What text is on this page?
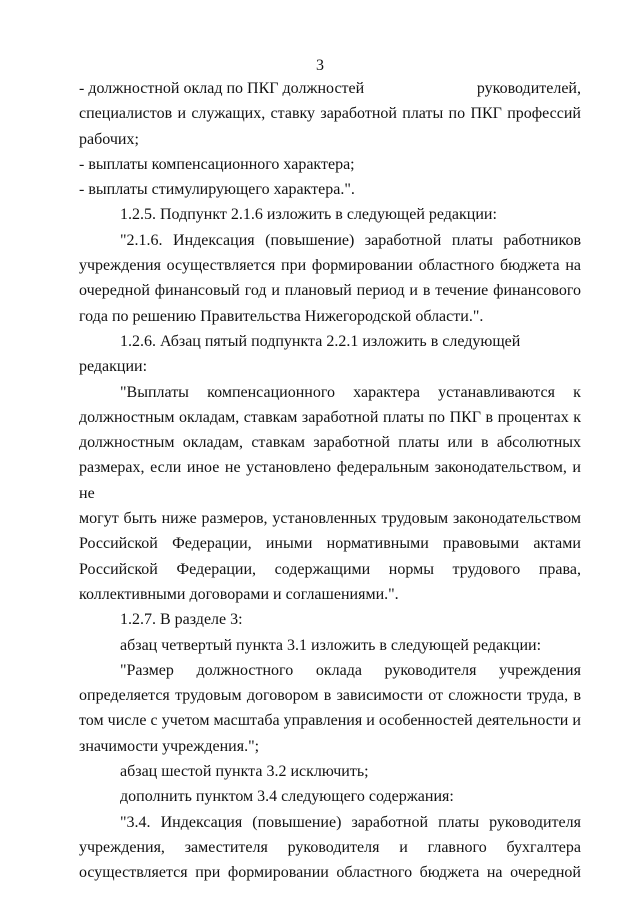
3
- должностной оклад по ПКГ должностей	руководителей,
специалистов и служащих, ставку заработной платы по ПКГ профессий
рабочих;
- выплаты компенсационного характера;
- выплаты стимулирующего характера.".
1.2.5. Подпункт 2.1.6 изложить в следующей редакции:
"2.1.6. Индексация (повышение) заработной платы работников
учреждения осуществляется при формировании областного бюджета на
очередной финансовый год и плановый период и в течение финансового
года по решению Правительства Нижегородской области.".
1.2.6. Абзац пятый подпункта 2.2.1 изложить в следующей редакции:
"Выплаты компенсационного характера устанавливаются к
должностным окладам, ставкам заработной платы по ПКГ в процентах к
должностным окладам, ставкам заработной платы или в абсолютных
размерах, если иное не установлено федеральным законодательством, и не
могут быть ниже размеров, установленных трудовым законодательством
Российской Федерации, иными нормативными правовыми актами
Российской Федерации, содержащими нормы трудового права,
коллективными договорами и соглашениями.".
1.2.7. В разделе 3:
абзац четвертый пункта 3.1 изложить в следующей редакции:
"Размер должностного оклада руководителя учреждения
определяется трудовым договором в зависимости от сложности труда, в
том числе с учетом масштаба управления и особенностей деятельности и
значимости учреждения.";
абзац шестой пункта 3.2 исключить;
дополнить пунктом 3.4 следующего содержания:
"3.4. Индексация (повышение) заработной платы руководителя
учреждения, заместителя руководителя и главного бухгалтера
осуществляется при формировании областного бюджета на очередной
